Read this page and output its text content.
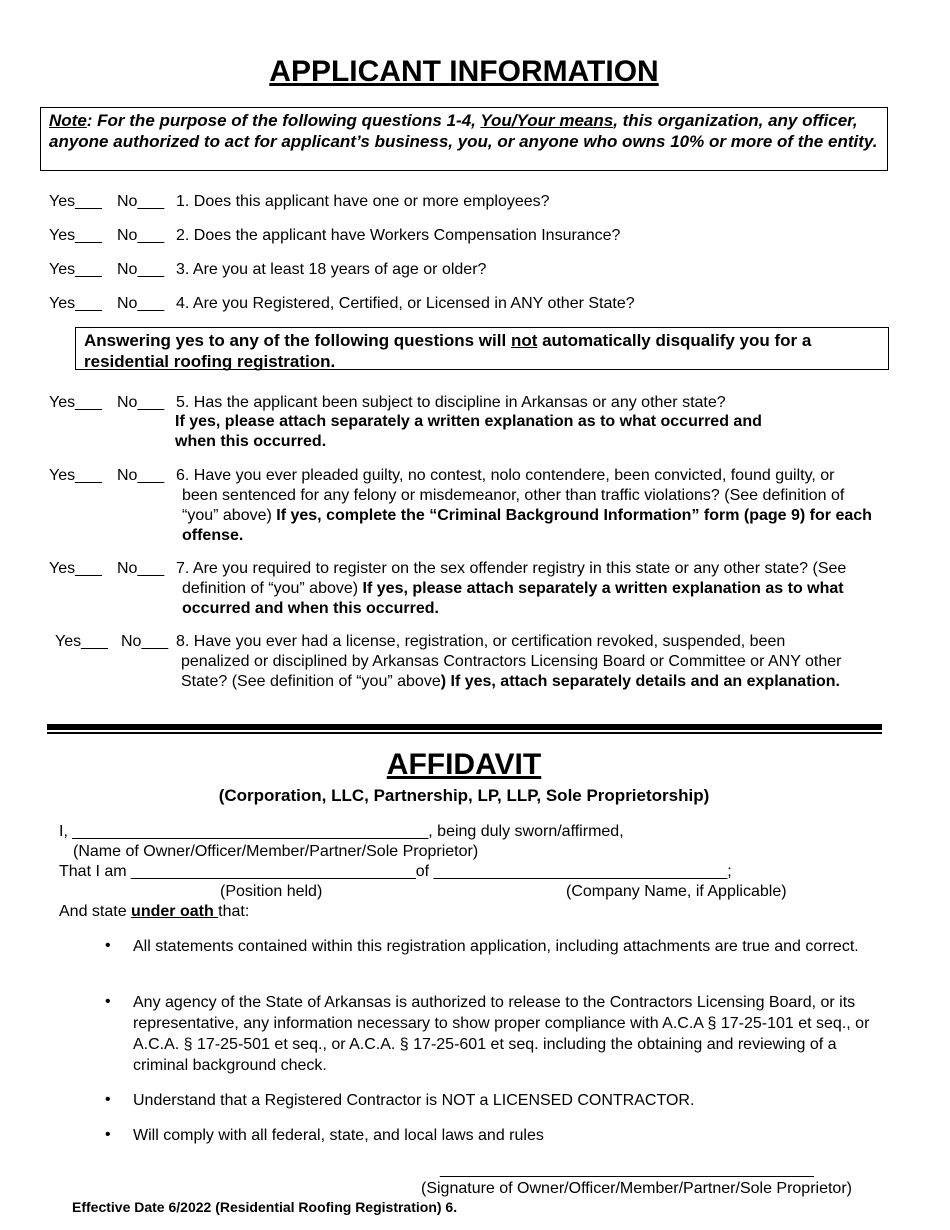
APPLICANT INFORMATION
Note: For the purpose of the following questions 1-4, You/Your means, this organization, any officer, anyone authorized to act for applicant’s business, you, or anyone who owns 10% or more of the entity.
Yes___ No___ 1. Does this applicant have one or more employees?
Yes___ No___ 2. Does the applicant have Workers Compensation Insurance?
Yes___ No___ 3. Are you at least 18 years of age or older?
Yes___ No___ 4. Are you Registered, Certified, or Licensed in ANY other State?
Answering yes to any of the following questions will not automatically disqualify you for a residential roofing registration.
Yes___ No___ 5. Has the applicant been subject to discipline in Arkansas or any other state?
If yes, please attach separately a written explanation as to what occurred and when this occurred.
Yes___ No___ 6. Have you ever pleaded guilty, no contest, nolo contendere, been convicted, found guilty, or been sentenced for any felony or misdemeanor, other than traffic violations? (See definition of “you” above) If yes, complete the “Criminal Background Information” form (page 9) for each offense.
Yes___ No___ 7. Are you required to register on the sex offender registry in this state or any other state? (See definition of “you” above) If yes, please attach separately a written explanation as to what occurred and when this occurred.
Yes___ No___ 8. Have you ever had a license, registration, or certification revoked, suspended, been penalized or disciplined by Arkansas Contractors Licensing Board or Committee or ANY other State? (See definition of “you” above) If yes, attach separately details and an explanation.
AFFIDAVIT
(Corporation, LLC, Partnership, LP, LLP, Sole Proprietorship)
I, ________________________________________, being duly sworn/affirmed,
(Name of Owner/Officer/Member/Partner/Sole Proprietor)
That I am ________________________________of _________________________________;
(Position held)	(Company Name, if Applicable)
And state under oath that:
• All statements contained within this registration application, including attachments are true and correct.
• Any agency of the State of Arkansas is authorized to release to the Contractors Licensing Board, or its representative, any information necessary to show proper compliance with A.C.A § 17-25-101 et seq., or A.C.A. § 17-25-501 et seq., or A.C.A. § 17-25-601 et seq. including the obtaining and reviewing of a criminal background check.
• Understand that a Registered Contractor is NOT a LICENSED CONTRACTOR.
• Will comply with all federal, state, and local laws and rules
__________________________________________
(Signature of Owner/Officer/Member/Partner/Sole Proprietor)
Effective Date 6/2022 (Residential Roofing Registration) 6.
